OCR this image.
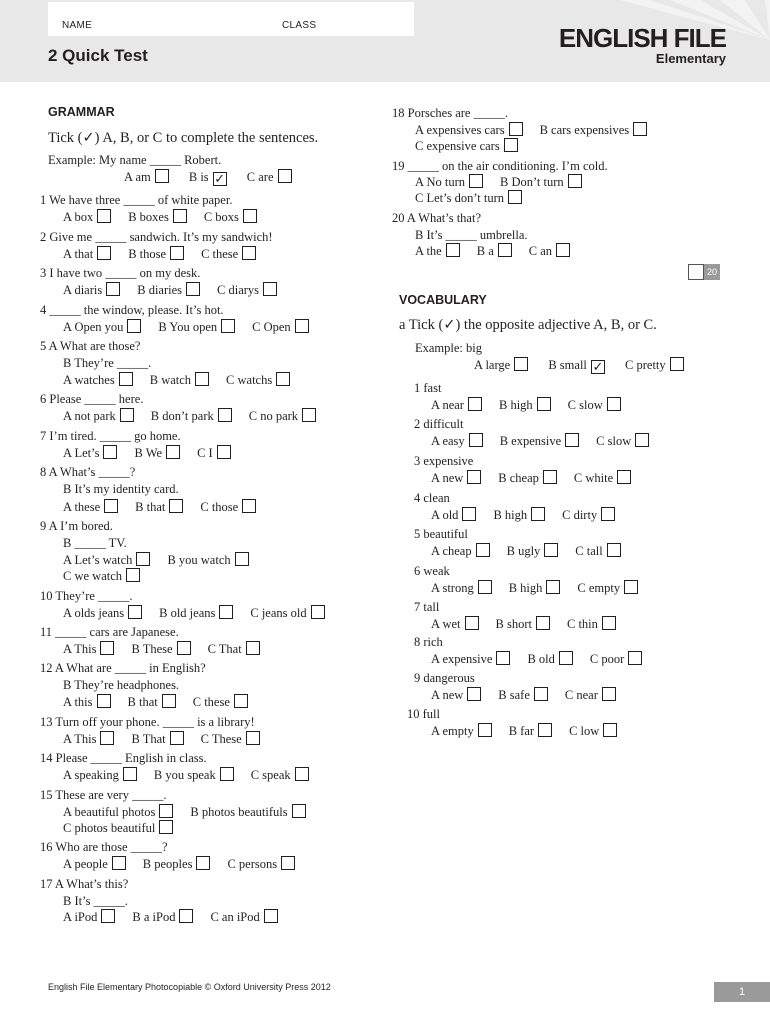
NAME	CLASS
2 Quick Test
ENGLISH FILE
Elementary
GRAMMAR
Tick (✓) A, B, or C to complete the sentences.
Example: My name _____ Robert.
A am	B is ✓ C are
1 We have three _____ of white paper.
A box	B boxes	C boxs
2 Give me _____ sandwich. It’s my sandwich!
A that	B those	C these
3 I have two _____ on my desk.
A diaris	B diaries	C diarys
4 _____ the window, please. It’s hot.
A Open you	B You open	C Open
5 A What are those?
B They’re _____.
A watches	B watch	C watchs
6 Please _____ here.
A not park	B don’t park	C no park
7 I’m tired. _____ go home.
A Let’s	B We	C I
8 A What’s _____?
B It’s my identity card.
A these	B that	C those
9 A I’m bored.
B _____ TV.
A Let’s watch	B you watch
C we watch
10 They’re _____.
A olds jeans	B old jeans	C jeans old
11 _____ cars are Japanese.
A This	B These	C That
12 A What are _____ in English?
B They’re headphones.
A this	B that	C these
13 Turn off your phone. _____ is a library!
A This	B That	C These
14 Please _____ English in class.
A speaking	B you speak	C speak
15 These are very _____.
A beautiful photos	B photos beautifuls
C photos beautiful
16 Who are those _____?
A people	B peoples	C persons
17 A What’s this?
B It’s _____.
A iPod	B a iPod	C an iPod
18 Porsches are _____.
A expensives cars	B cars expensives
C expensive cars
19 _____ on the air conditioning. I’m cold.
A No turn	B Don’t turn
C Let’s don’t turn
20 A What’s that?
B It’s _____ umbrella.
A the	B a	C an
20
VOCABULARY
a Tick (✓) the opposite adjective A, B, or C.
Example: big
A large	B small ✓ C pretty
1 fast
A near	B high	C slow
2 difficult
A easy	B expensive	C slow
3 expensive
A new	B cheap	C white
4 clean
A old	B high	C dirty
5 beautiful
A cheap	B ugly	C tall
6 weak
A strong	B high	C empty
7 tall
A wet	B short	C thin
8 rich
A expensive	B old	C poor
9 dangerous
A new	B safe	C near
10 full
A empty	B far	C low
English File Elementary Photocopiable © Oxford University Press 2012	1
